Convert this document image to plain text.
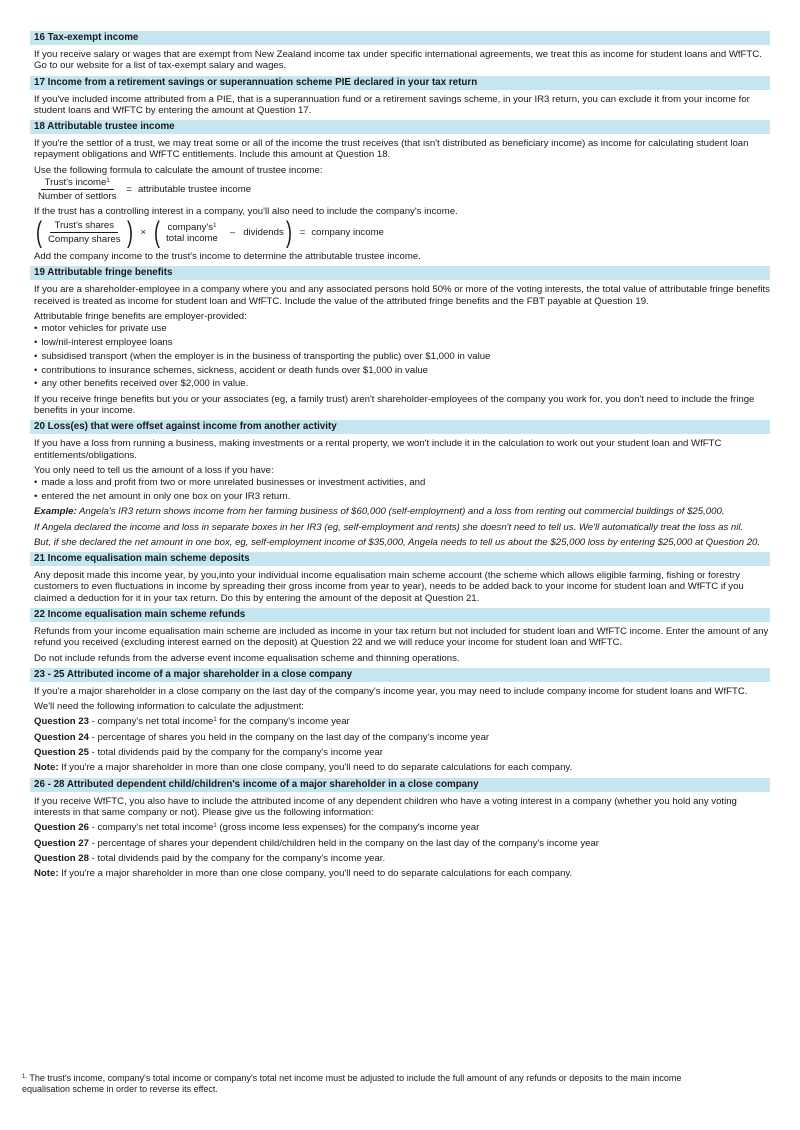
16 Tax-exempt income
If you receive salary or wages that are exempt from New Zealand income tax under specific international agreements, we treat this as income for student loans and WfFTC. Go to our website for a list of tax-exempt salary and wages.
17 Income from a retirement savings or superannuation scheme PIE declared in your tax return
If you've included income attributed from a PIE, that is a superannuation fund or a retirement savings scheme, in your IR3 return, you can exclude it from your income for student loans and WfFTC by entering the amount at Question 17.
18 Attributable trustee income
If you're the settlor of a trust, we may treat some or all of the income the trust receives (that isn't distributed as beneficiary income) as income for calculating student loan repayment obligations and WfFTC entitlements. Include this amount at Question 18.
Use the following formula to calculate the amount of trustee income:
$\frac{Trust's income^1}{\text{Number of settlors}}$ = attributable trustee income
If the trust has a controlling interest in a company, you'll also need to include the company's income.
( $\frac{\text{Trust's shares}}{\text{Company shares}}$ ) × ( $company's^1$
total income
– dividends ) = company income
Add the company income to the trust's income to determine the attributable trustee income.
19 Attributable fringe benefits
If you are a shareholder-employee in a company where you and any associated persons hold 50% or more of the voting interests, the total value of attributable fringe benefits received is treated as income for student loan and WfFTC. Include the value of the attributed fringe benefits and the FBT payable at Question 19.
Attributable fringe benefits are employer-provided:
• motor vehicles for private use
• low/nil-interest employee loans
• subsidised transport (when the employer is in the business of transporting the public) over $1,000 in value
• contributions to insurance schemes, sickness, accident or death funds over $1,000 in value
• any other benefits received over $2,000 in value.
If you receive fringe benefits but you or your associates (eg, a family trust) aren't shareholder-employees of the company you work for, you don't need to include the fringe benefits in your income.
20 Loss(es) that were offset against income from another activity
If you have a loss from running a business, making investments or a rental property, we won't include it in the calculation to work out your student loan and WfFTC entitlements/obligations.
You only need to tell us the amount of a loss if you have:
• made a loss and profit from two or more unrelated businesses or investment activities, and
• entered the net amount in only one box on your IR3 return.
Example: Angela's IR3 return shows income from her farming business of $60,000 (self-employment) and a loss from renting out commercial buildings of $25,000.
If Angela declared the income and loss in separate boxes in her IR3 (eg, self-employment and rents) she doesn't need to tell us. We'll automatically treat the loss as nil.
But, if she declared the net amount in one box, eg, self-employment income of $35,000, Angela needs to tell us about the $25,000 loss by entering $25,000 at Question 20.
21 Income equalisation main scheme deposits
Any deposit made this income year, by you,into your individual income equalisation main scheme account (the scheme which allows eligible farming, fishing or forestry customers to even fluctuations in income by spreading their gross income from year to year), needs to be added back to your income for student loan and WfFTC if you claimed a deduction for it in your tax return. Do this by entering the amount of the deposit at Question 21.
22 Income equalisation main scheme refunds
Refunds from your income equalisation main scheme are included as income in your tax return but not included for student loan and WfFTC income. Enter the amount of any refund you received (excluding interest earned on the deposit) at Question 22 and we will reduce your income for student loan and WfFTC.
Do not include refunds from the adverse event income equalisation scheme and thinning operations.
23 - 25 Attributed income of a major shareholder in a close company
If you're a major shareholder in a close company on the last day of the company's income year, you may need to include company income for student loans and WfFTC.
We'll need the following information to calculate the adjustment:
Question 23 - company's net total income$^1$ for the company's income year
Question 24 - percentage of shares you held in the company on the last day of the company's income year
Question 25 - total dividends paid by the company for the company's income year
Note: If you're a major shareholder in more than one close company, you'll need to do separate calculations for each company.
26 - 28 Attributed dependent child/children's income of a major shareholder in a close company
If you receive WfFTC, you also have to include the attributed income of any dependent children who have a voting interest in a company (whether you hold any voting interests in that same company or not). Please give us the following information:
Question 26 - company's net total income$^1$ (gross income less expenses) for the company's income year
Question 27 - percentage of shares your dependent child/children held in the company on the last day of the company's income year
Question 28 - total dividends paid by the company for the company's income year.
Note: If you're a major shareholder in more than one close company, you'll need to do separate calculations for each company.
$^{1.}$ The trust's income, company's total income or company's total net income must be adjusted to include the full amount of any refunds or deposits to the main income equalisation scheme in order to reverse its effect.
